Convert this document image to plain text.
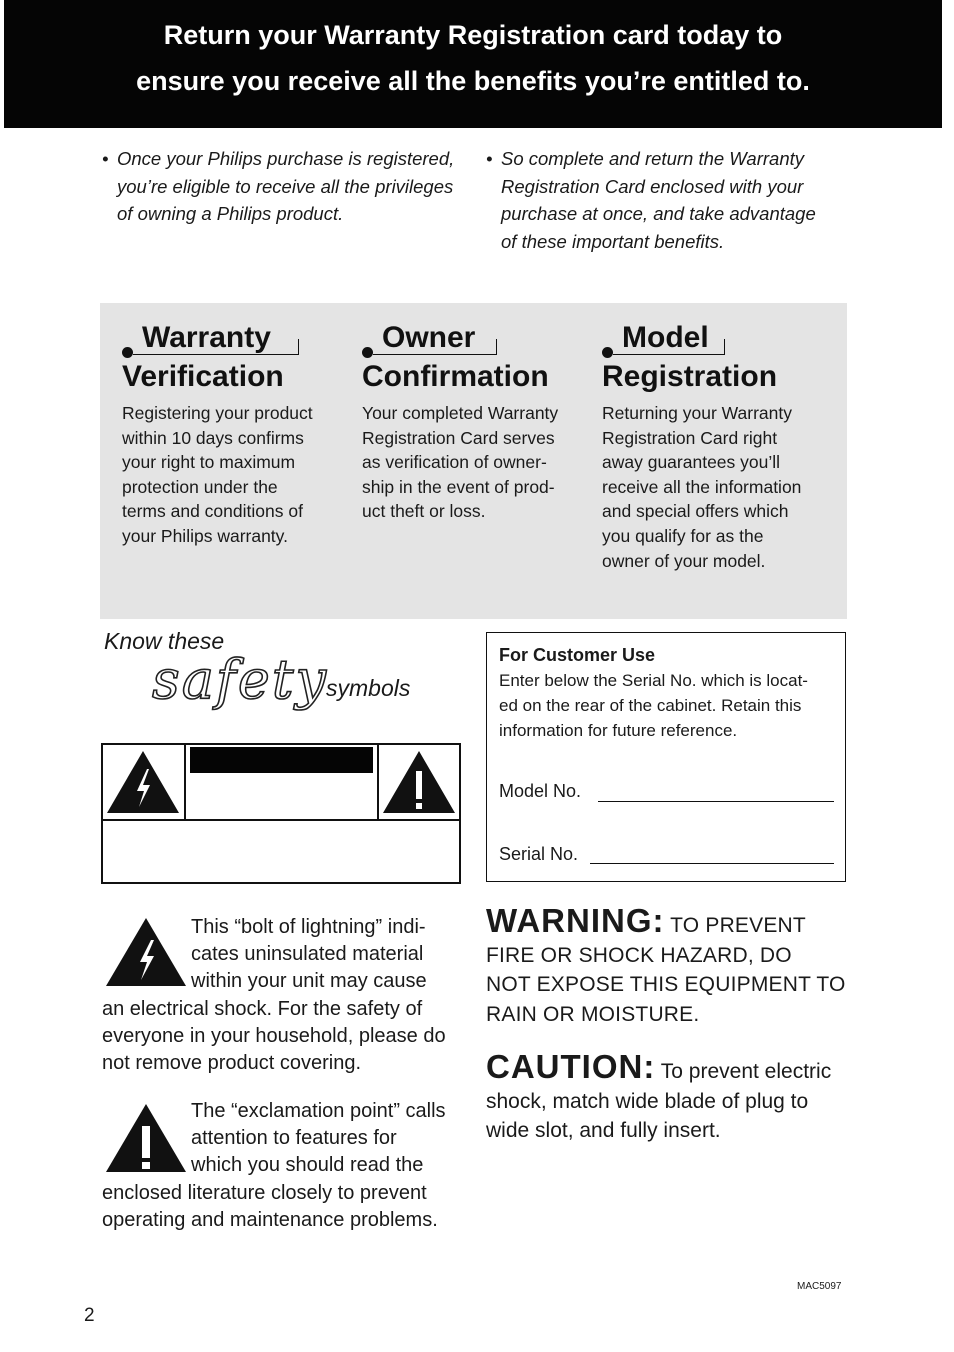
Return your Warranty Registration card today to
ensure you receive all the benefits you’re entitled to.
• Once your Philips purchase is registered,
you’re eligible to receive all the privileges
of owning a Philips product.
• So complete and return the Warranty
Registration Card enclosed with your
purchase at once, and take advantage
of these important benefits.
Warranty
Verification
Registering your product
within 10 days confirms
your right to maximum
protection under the
terms and conditions of
your Philips warranty.
Owner
Confirmation
Your completed Warranty
Registration Card serves
as verification of owner-
ship in the event of prod-
uct theft or loss.
Model
Registration
Returning your Warranty
Registration Card right
away guarantees you’ll
receive all the information
and special offers which
you qualify for as the
owner of your model.
Know these
safety
symbols
For Customer Use
Enter below the Serial No. which is locat-
ed on the rear of the cabinet. Retain this
information for future reference.
Model No.
Serial No.
This “bolt of lightning” indi-
cates uninsulated material
within your unit may cause
an electrical shock. For the safety of
everyone in your household, please do
not remove product covering.
The “exclamation point” calls
attention to features for
which you should read the
enclosed literature closely to prevent
operating and maintenance problems.
WARNING: TO PREVENT
FIRE OR SHOCK HAZARD, DO
NOT EXPOSE THIS EQUIPMENT TO
RAIN OR MOISTURE.
CAUTION: To prevent electric
shock, match wide blade of plug to
wide slot, and fully insert.
MAC5097
2
